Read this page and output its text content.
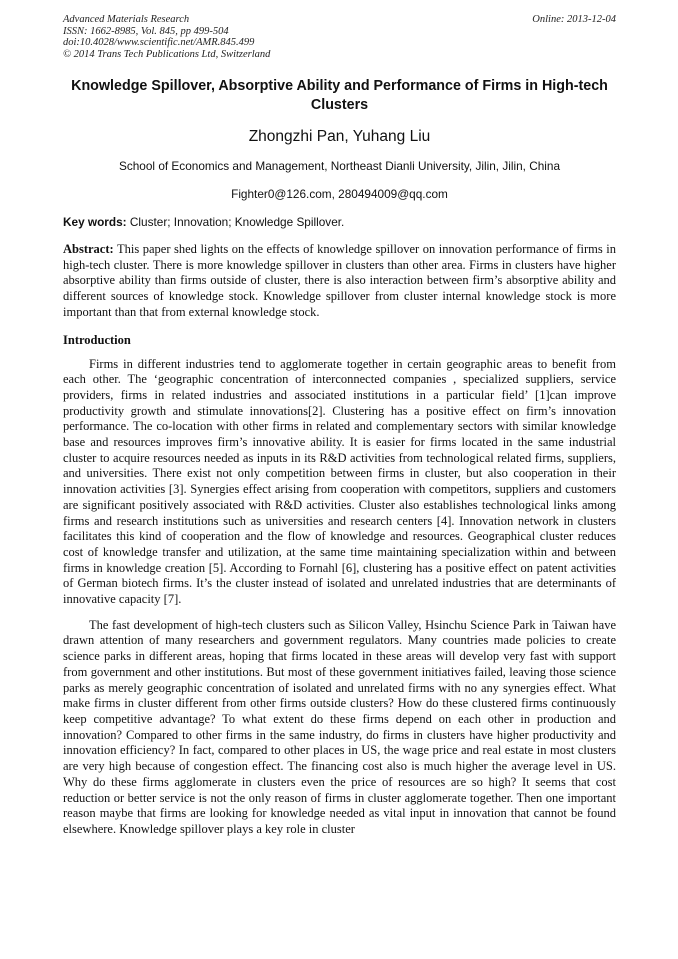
Advanced Materials Research	Online: 2013-12-04
ISSN: 1662-8985, Vol. 845, pp 499-504
doi:10.4028/www.scientific.net/AMR.845.499
© 2014 Trans Tech Publications Ltd, Switzerland
Knowledge Spillover, Absorptive Ability and Performance of Firms in High-tech Clusters
Zhongzhi Pan, Yuhang Liu
School of Economics and Management, Northeast Dianli University, Jilin, Jilin, China
Fighter0@126.com, 280494009@qq.com
Key words: Cluster; Innovation; Knowledge Spillover.
Abstract: This paper shed lights on the effects of knowledge spillover on innovation performance of firms in high-tech cluster. There is more knowledge spillover in clusters than other area. Firms in clusters have higher absorptive ability than firms outside of cluster, there is also interaction between firm’s absorptive ability and different sources of knowledge stock. Knowledge spillover from cluster internal knowledge stock is more important than that from external knowledge stock.
Introduction

Firms in different industries tend to agglomerate together in certain geographic areas to benefit from each other. The ‘geographic concentration of interconnected companies , specialized suppliers, service providers, firms in related industries and associated institutions in a particular field’ [1]can improve productivity growth and stimulate innovations[2]. Clustering has a positive effect on firm’s innovation performance. The co-location with other firms in related and complementary sectors with similar knowledge base and resources improves firm’s innovative ability. It is easier for firms located in the same industrial cluster to acquire resources needed as inputs in its R&D activities from technological related firms, suppliers, and universities. There exist not only competition between firms in cluster, but also cooperation in their innovation activities [3]. Synergies effect arising from cooperation with competitors, suppliers and customers are significant positively associated with R&D activities. Cluster also establishes technological links among firms and research institutions such as universities and research centers [4]. Innovation network in clusters facilitates this kind of cooperation and the flow of knowledge and resources. Geographical cluster reduces cost of knowledge transfer and utilization, at the same time maintaining specialization within and between firms in knowledge creation [5]. According to Fornahl [6], clustering has a positive effect on patent activities of German biotech firms. It’s the cluster instead of isolated and unrelated industries that are determinants of innovative capacity [7].

The fast development of high-tech clusters such as Silicon Valley, Hsinchu Science Park in Taiwan have drawn attention of many researchers and government regulators. Many countries made policies to create science parks in different areas, hoping that firms located in these areas will develop very fast with support from government and other institutions. But most of these government initiatives failed, leaving those science parks as merely geographic concentration of isolated and unrelated firms with no any synergies effect. What make firms in cluster different from other firms outside clusters? How do these clustered firms continuously keep competitive advantage? To what extent do these firms depend on each other in production and innovation? Compared to other firms in the same industry, do firms in clusters have higher productivity and innovation efficiency? In fact, compared to other places in US, the wage price and real estate in most clusters are very high because of congestion effect. The financing cost also is much higher the average level in US. Why do these firms agglomerate in clusters even the price of resources are so high? It seems that cost reduction or better service is not the only reason of firms in cluster agglomerate together. Then one important reason maybe that firms are looking for knowledge needed as vital input in innovation that cannot be found elsewhere. Knowledge spillover plays a key role in cluster
